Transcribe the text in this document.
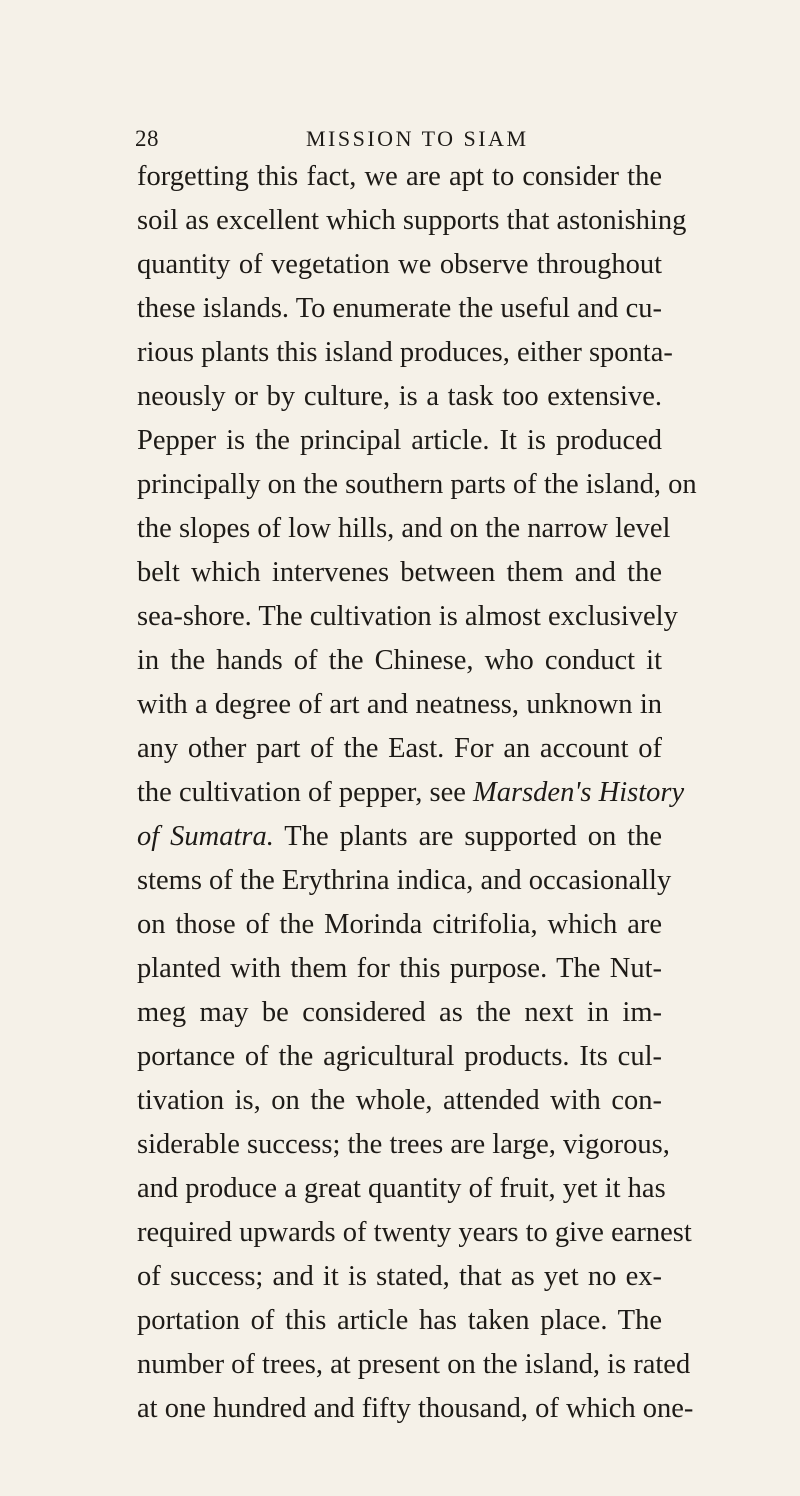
28	MISSION TO SIAM
forgetting this fact, we are apt to consider the
soil as excellent which supports that astonishing
quantity of vegetation we observe throughout
these islands. To enumerate the useful and cu-
rious plants this island produces, either sponta-
neously or by culture, is a task too extensive.
Pepper is the principal article. It is produced
principally on the southern parts of the island, on
the slopes of low hills, and on the narrow level
belt which intervenes between them and the
sea-shore. The cultivation is almost exclusively
in the hands of the Chinese, who conduct it
with a degree of art and neatness, unknown in
any other part of the East. For an account of
the cultivation of pepper, see Marsden's History
of Sumatra. The plants are supported on the
stems of the Erythrina indica, and occasionally
on those of the Morinda citrifolia, which are
planted with them for this purpose. The Nut-
meg may be considered as the next in im-
portance of the agricultural products. Its cul-
tivation is, on the whole, attended with con-
siderable success; the trees are large, vigorous,
and produce a great quantity of fruit, yet it has
required upwards of twenty years to give earnest
of success; and it is stated, that as yet no ex-
portation of this article has taken place. The
number of trees, at present on the island, is rated
at one hundred and fifty thousand, of which one-
